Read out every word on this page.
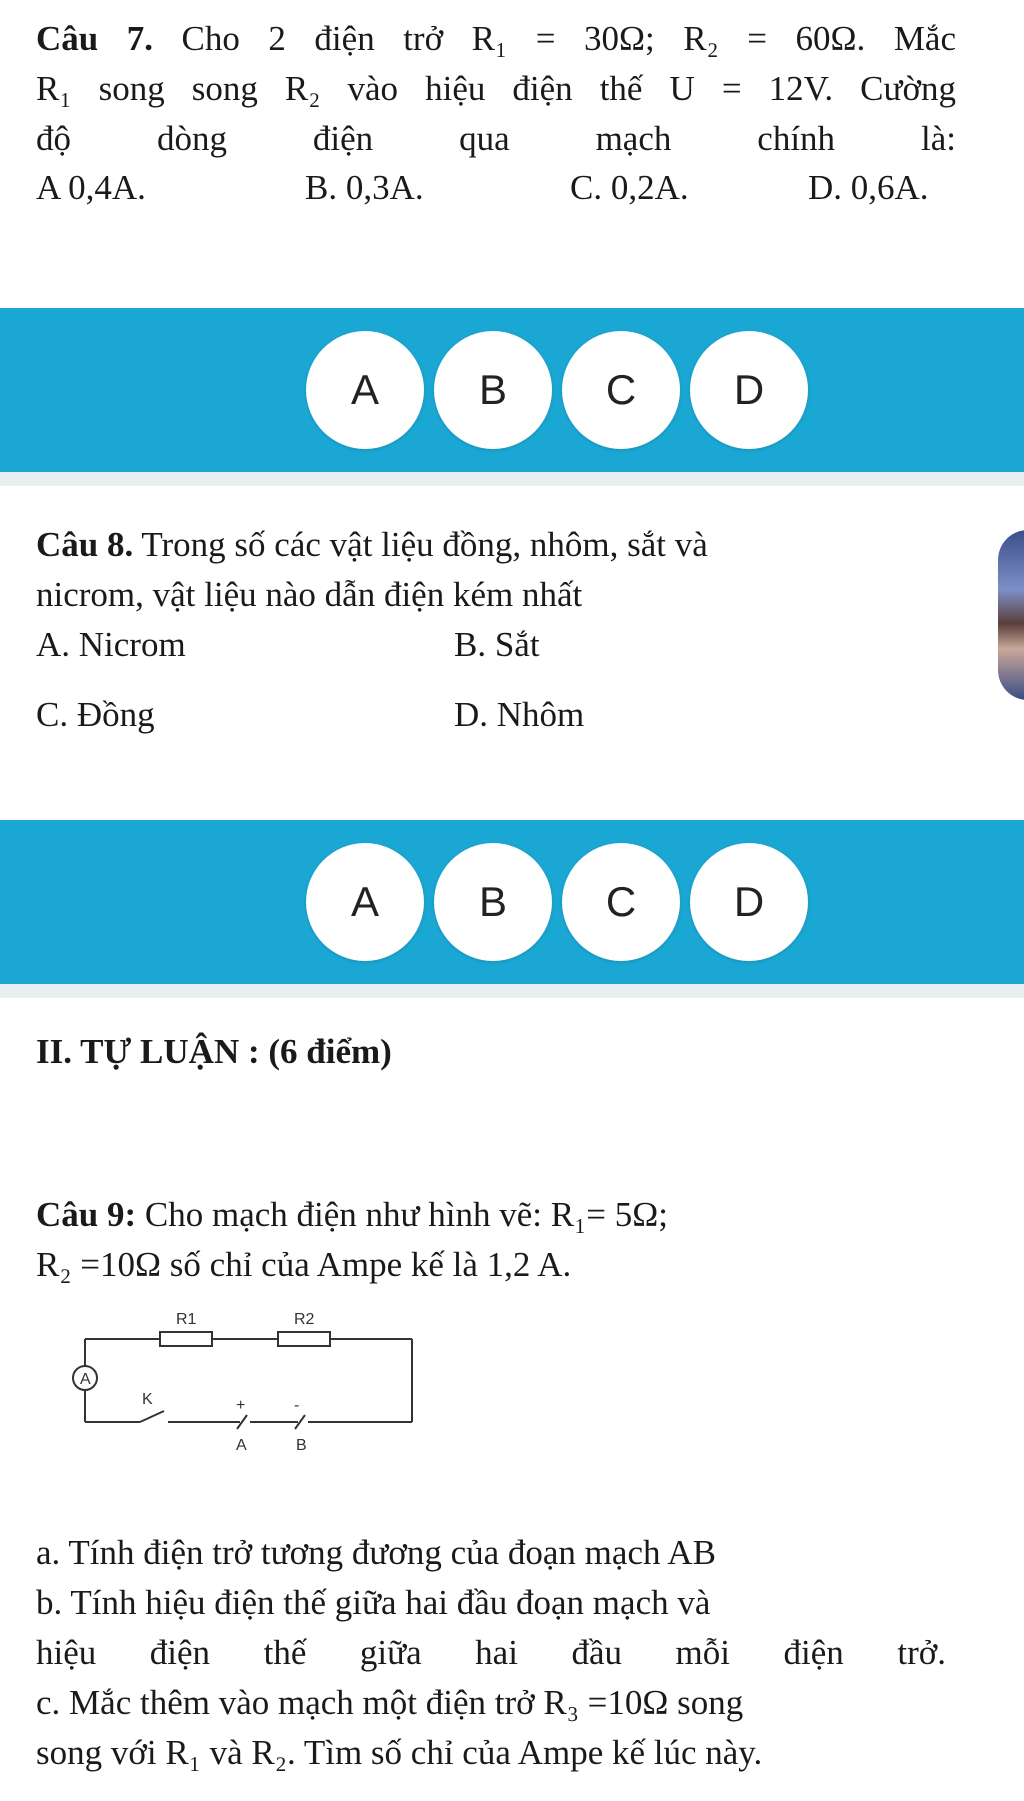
Câu 7. Cho 2 điện trở R₁ = 30Ω; R₂ = 60Ω. Mắc
R₁ song song R₂ vào hiệu điện thế U = 12V. Cường
độ dòng điện qua mạch chính là:
A 0,4A.	B. 0,3A.	C. 0,2A.	D. 0,6A.
A	B	C	D
Câu 8. Trong số các vật liệu đồng, nhôm, sắt và
nicrom, vật liệu nào dẫn điện kém nhất
A. Nicrom	B. Sắt
C. Đồng	D. Nhôm
A	B	C	D
II. TỰ LUẬN : (6 điểm)
Câu 9: Cho mạch điện như hình vẽ: R₁= 5Ω;
R₂ =10Ω số chỉ của Ampe kế là 1,2 A.
R1	R2
A
K	+	-
A	B
a. Tính điện trở tương đương của đoạn mạch AB
b. Tính hiệu điện thế giữa hai đầu đoạn mạch và
hiệu điện thế giữa hai đầu mỗi điện trở.
c. Mắc thêm vào mạch một điện trở R₃ =10Ω song
song với R₁ và R₂. Tìm số chỉ của Ampe kế lúc này.
